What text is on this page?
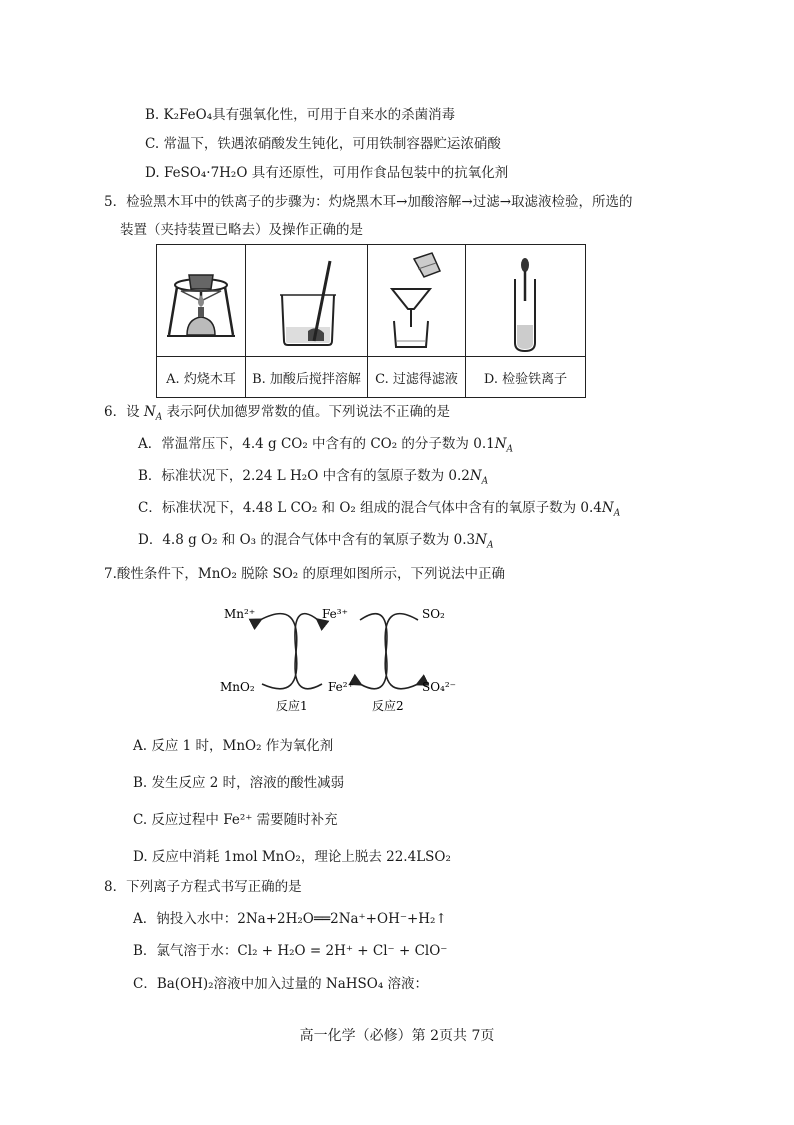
B. K₂FeO₄具有强氧化性，可用于自来水的杀菌消毒
C. 常温下，铁遇浓硝酸发生钝化，可用铁制容器贮运浓硝酸
D. FeSO₄·7H₂O 具有还原性，可用作食品包装中的抗氧化剂
5．检验黑木耳中的铁离子的步骤为：灼烧黑木耳→加酸溶解→过滤→取滤液检验，所选的
装置（夹持装置已略去）及操作正确的是

A. 灼烧木耳	B. 加酸后搅拌溶解	C. 过滤得滤液	D. 检验铁离子
6．设 $N_A$ 表示阿伏加德罗常数的值。下列说法不正确的是
A．常温常压下，4.4 g CO₂ 中含有的 CO₂ 的分子数为 $0.1N_A$
B．标准状况下，2.24 L H₂O 中含有的氢原子数为 $0.2N_A$
C．标准状况下，4.48 L CO₂ 和 O₂ 组成的混合气体中含有的氧原子数为 $0.4N_A$
D．4.8 g O₂ 和 O₃ 的混合气体中含有的氧原子数为 $0.3N_A$
7.酸性条件下，MnO₂ 脱除 SO₂ 的原理如图所示，下列说法中正确
Mn²⁺	Fe³⁺	SO₂
MnO₂	Fe²⁺	SO₄²⁻
反应1	反应2
A. 反应 1 时，MnO₂ 作为氧化剂
B. 发生反应 2 时，溶液的酸性减弱
C. 反应过程中 Fe²⁺ 需要随时补充
D. 反应中消耗 1mol MnO₂，理论上脱去 22.4LSO₂
8．下列离子方程式书写正确的是
A．钠投入水中：2Na+2H₂O══2Na⁺+OH⁻+H₂↑
B．氯气溶于水：Cl₂ + H₂O = 2H⁺ + Cl⁻ + ClO⁻
C．Ba(OH)₂溶液中加入过量的 NaHSO₄ 溶液：
高一化学（必修）第 2页共 7页
